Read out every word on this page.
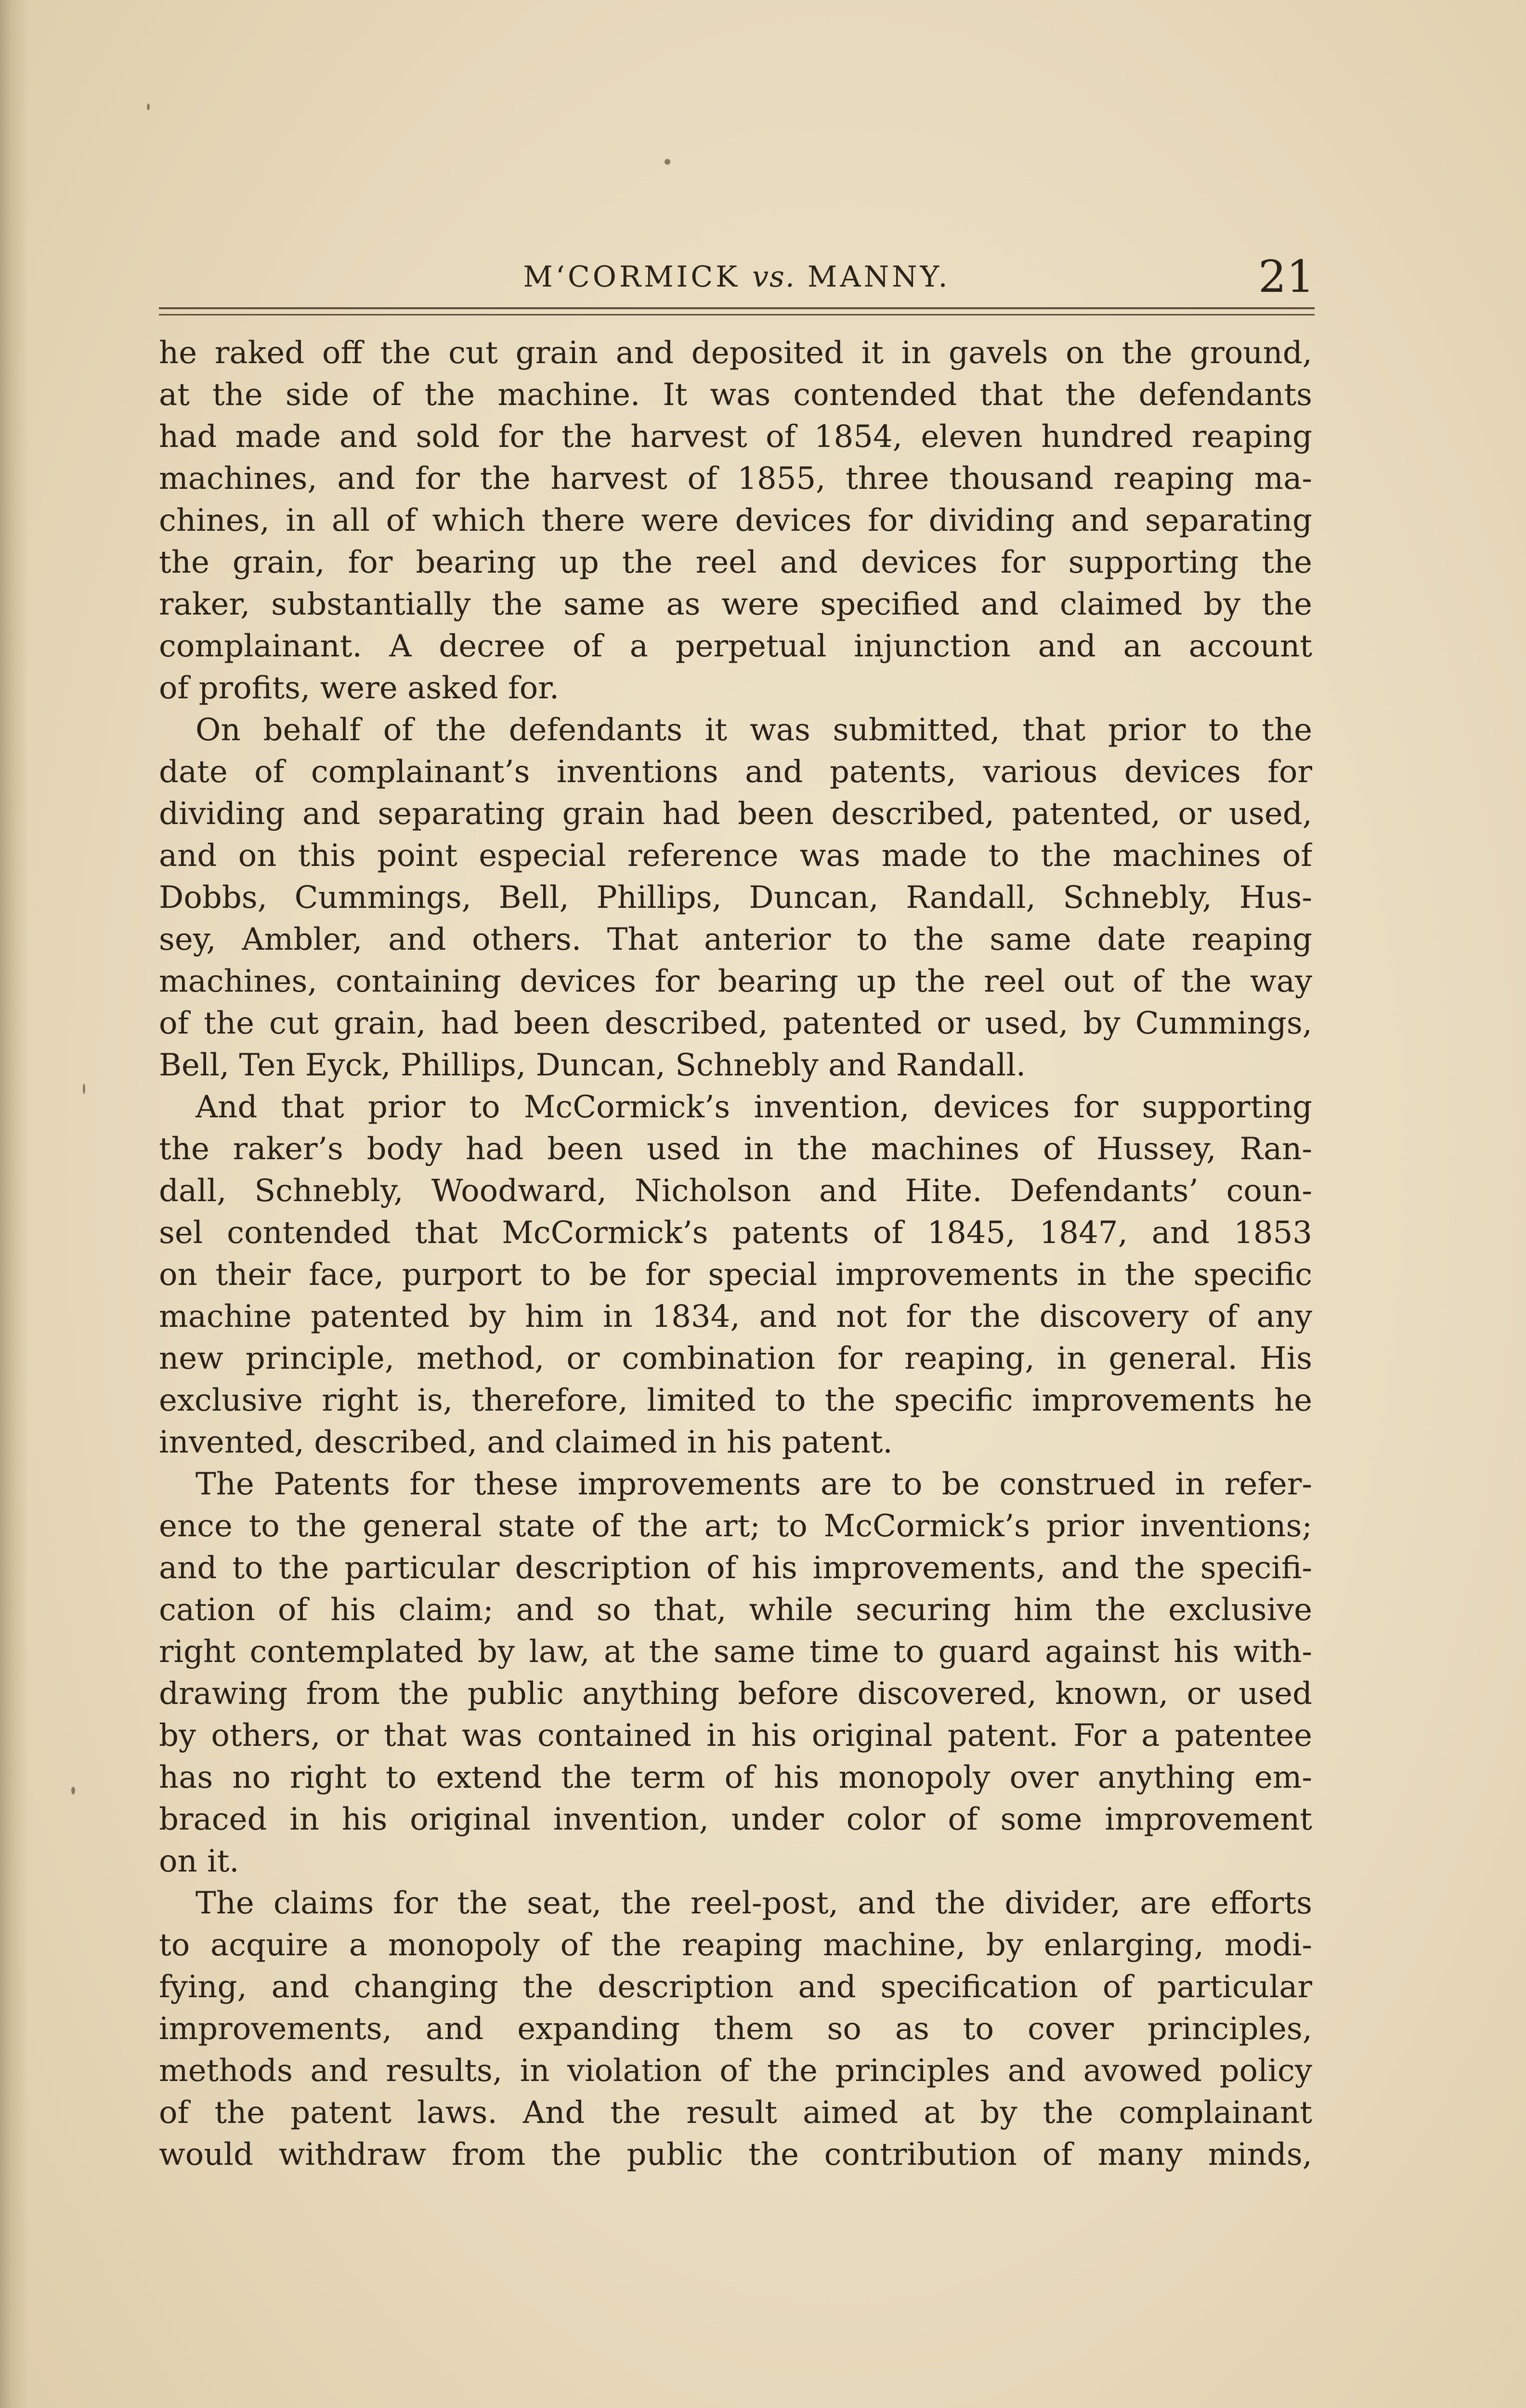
M‘CORMICK vs. MANNY.	21
he raked off the cut grain and deposited it in gavels on the ground,
at the side of the machine. It was contended that the defendants
had made and sold for the harvest of 1854, eleven hundred reaping
machines, and for the harvest of 1855, three thousand reaping ma-
chines, in all of which there were devices for dividing and separating
the grain, for bearing up the reel and devices for supporting the
raker, substantially the same as were specified and claimed by the
complainant. A decree of a perpetual injunction and an account
of profits, were asked for.
On behalf of the defendants it was submitted, that prior to the
date of complainant’s inventions and patents, various devices for
dividing and separating grain had been described, patented, or used,
and on this point especial reference was made to the machines of
Dobbs, Cummings, Bell, Phillips, Duncan, Randall, Schnebly, Hus-
sey, Ambler, and others. That anterior to the same date reaping
machines, containing devices for bearing up the reel out of the way
of the cut grain, had been described, patented or used, by Cummings,
Bell, Ten Eyck, Phillips, Duncan, Schnebly and Randall.
And that prior to McCormick’s invention, devices for supporting
the raker’s body had been used in the machines of Hussey, Ran-
dall, Schnebly, Woodward, Nicholson and Hite. Defendants’ coun-
sel contended that McCormick’s patents of 1845, 1847, and 1853
on their face, purport to be for special improvements in the specific
machine patented by him in 1834, and not for the discovery of any
new principle, method, or combination for reaping, in general. His
exclusive right is, therefore, limited to the specific improvements he
invented, described, and claimed in his patent.
The Patents for these improvements are to be construed in refer-
ence to the general state of the art; to McCormick’s prior inventions;
and to the particular description of his improvements, and the specifi-
cation of his claim; and so that, while securing him the exclusive
right contemplated by law, at the same time to guard against his with-
drawing from the public anything before discovered, known, or used
by others, or that was contained in his original patent. For a patentee
has no right to extend the term of his monopoly over anything em-
braced in his original invention, under color of some improvement
on it.
The claims for the seat, the reel-post, and the divider, are efforts
to acquire a monopoly of the reaping machine, by enlarging, modi-
fying, and changing the description and specification of particular
improvements, and expanding them so as to cover principles,
methods and results, in violation of the principles and avowed policy
of the patent laws. And the result aimed at by the complainant
would withdraw from the public the contribution of many minds,
